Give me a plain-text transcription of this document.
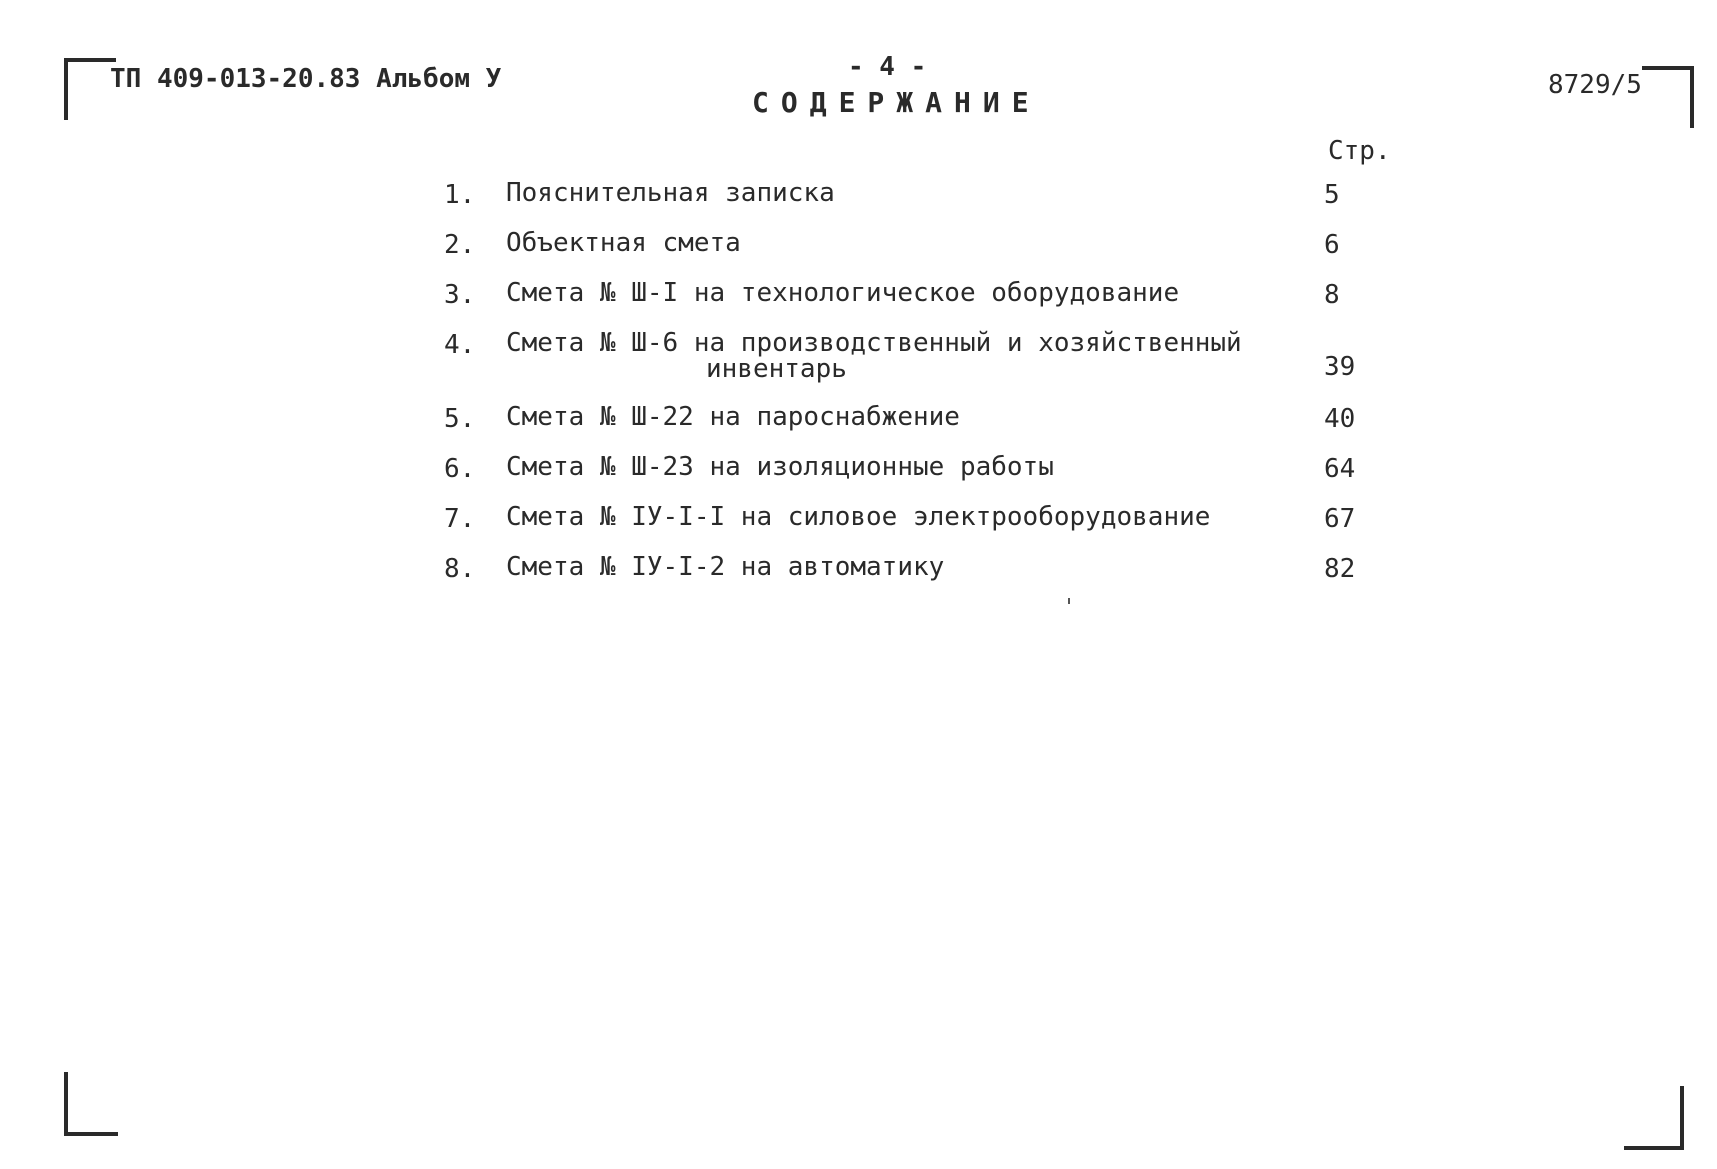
ТП 409-013-20.83 Альбом У	- 4 -
СОДЕРЖАНИЕ
8729/5
Стр.
1.	Пояснительная записка	5
2.	Объектная смета	6
3.	Смета № Ш-I на технологическое оборудование	8
4.	Смета № Ш-6 на производственный и хозяйственный
инвентарь	39
5.	Смета № Ш-22 на пароснабжение	40
6.	Смета № Ш-23 на изоляционные работы	64
7.	Смета № IУ-I-I на силовое электрооборудование	67
8.	Смета № IУ-I-2 на автоматику	82
